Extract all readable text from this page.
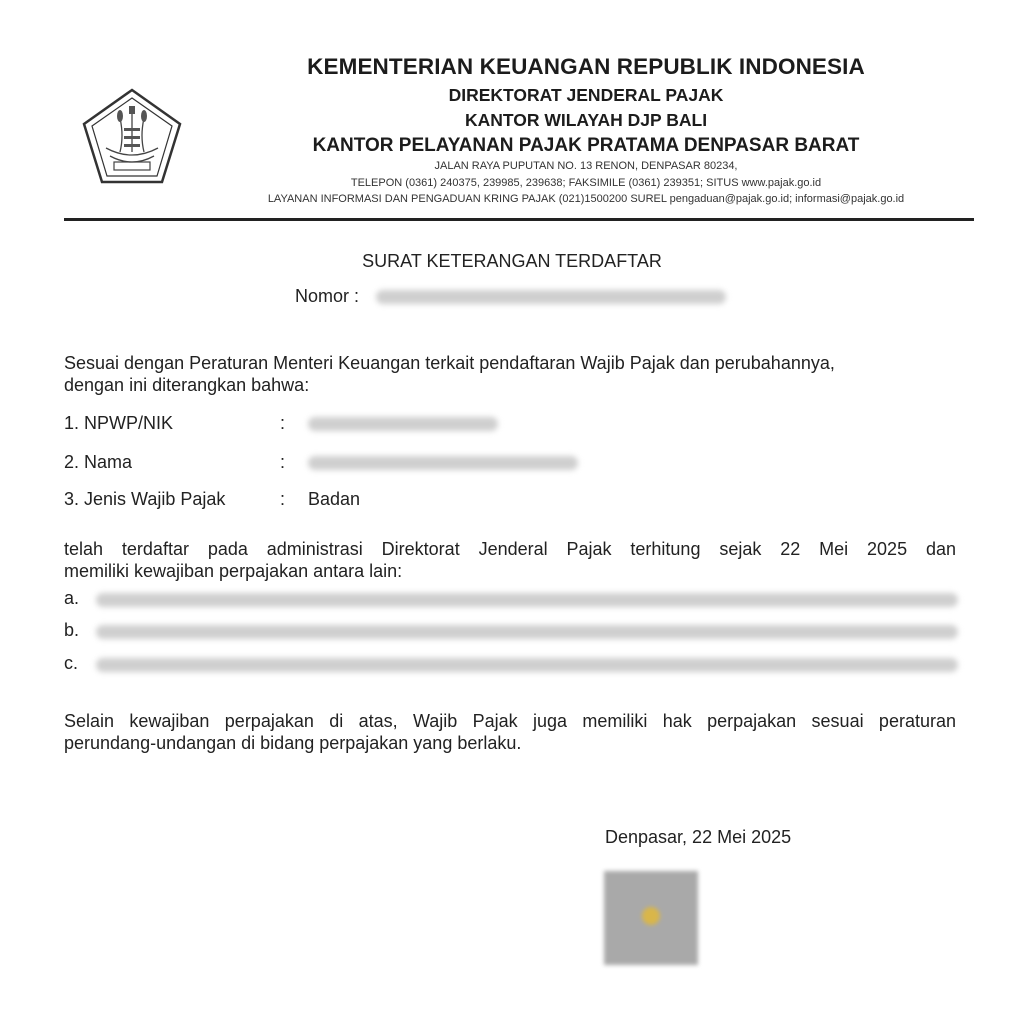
KEMENTERIAN KEUANGAN REPUBLIK INDONESIA
DIREKTORAT JENDERAL PAJAK
KANTOR WILAYAH DJP BALI
KANTOR PELAYANAN PAJAK PRATAMA DENPASAR BARAT
JALAN RAYA PUPUTAN NO. 13 RENON, DENPASAR 80234,
TELEPON (0361) 240375, 239985, 239638; FAKSIMILE (0361) 239351; SITUS www.pajak.go.id
LAYANAN INFORMASI DAN PENGADUAN KRING PAJAK (021)1500200 SUREL pengaduan@pajak.go.id; informasi@pajak.go.id
SURAT KETERANGAN TERDAFTAR
Nomor :
Sesuai dengan Peraturan Menteri Keuangan terkait pendaftaran Wajib Pajak dan perubahannya,
dengan ini diterangkan bahwa:
1. NPWP/NIK	:
2. Nama	:
3. Jenis Wajib Pajak	: Badan
telah terdaftar pada administrasi Direktorat Jenderal Pajak terhitung sejak 22 Mei 2025 dan
memiliki kewajiban perpajakan antara lain:
a.
b.
c.
Selain kewajiban perpajakan di atas, Wajib Pajak juga memiliki hak perpajakan sesuai peraturan
perundang-undangan di bidang perpajakan yang berlaku.
Denpasar, 22 Mei 2025
